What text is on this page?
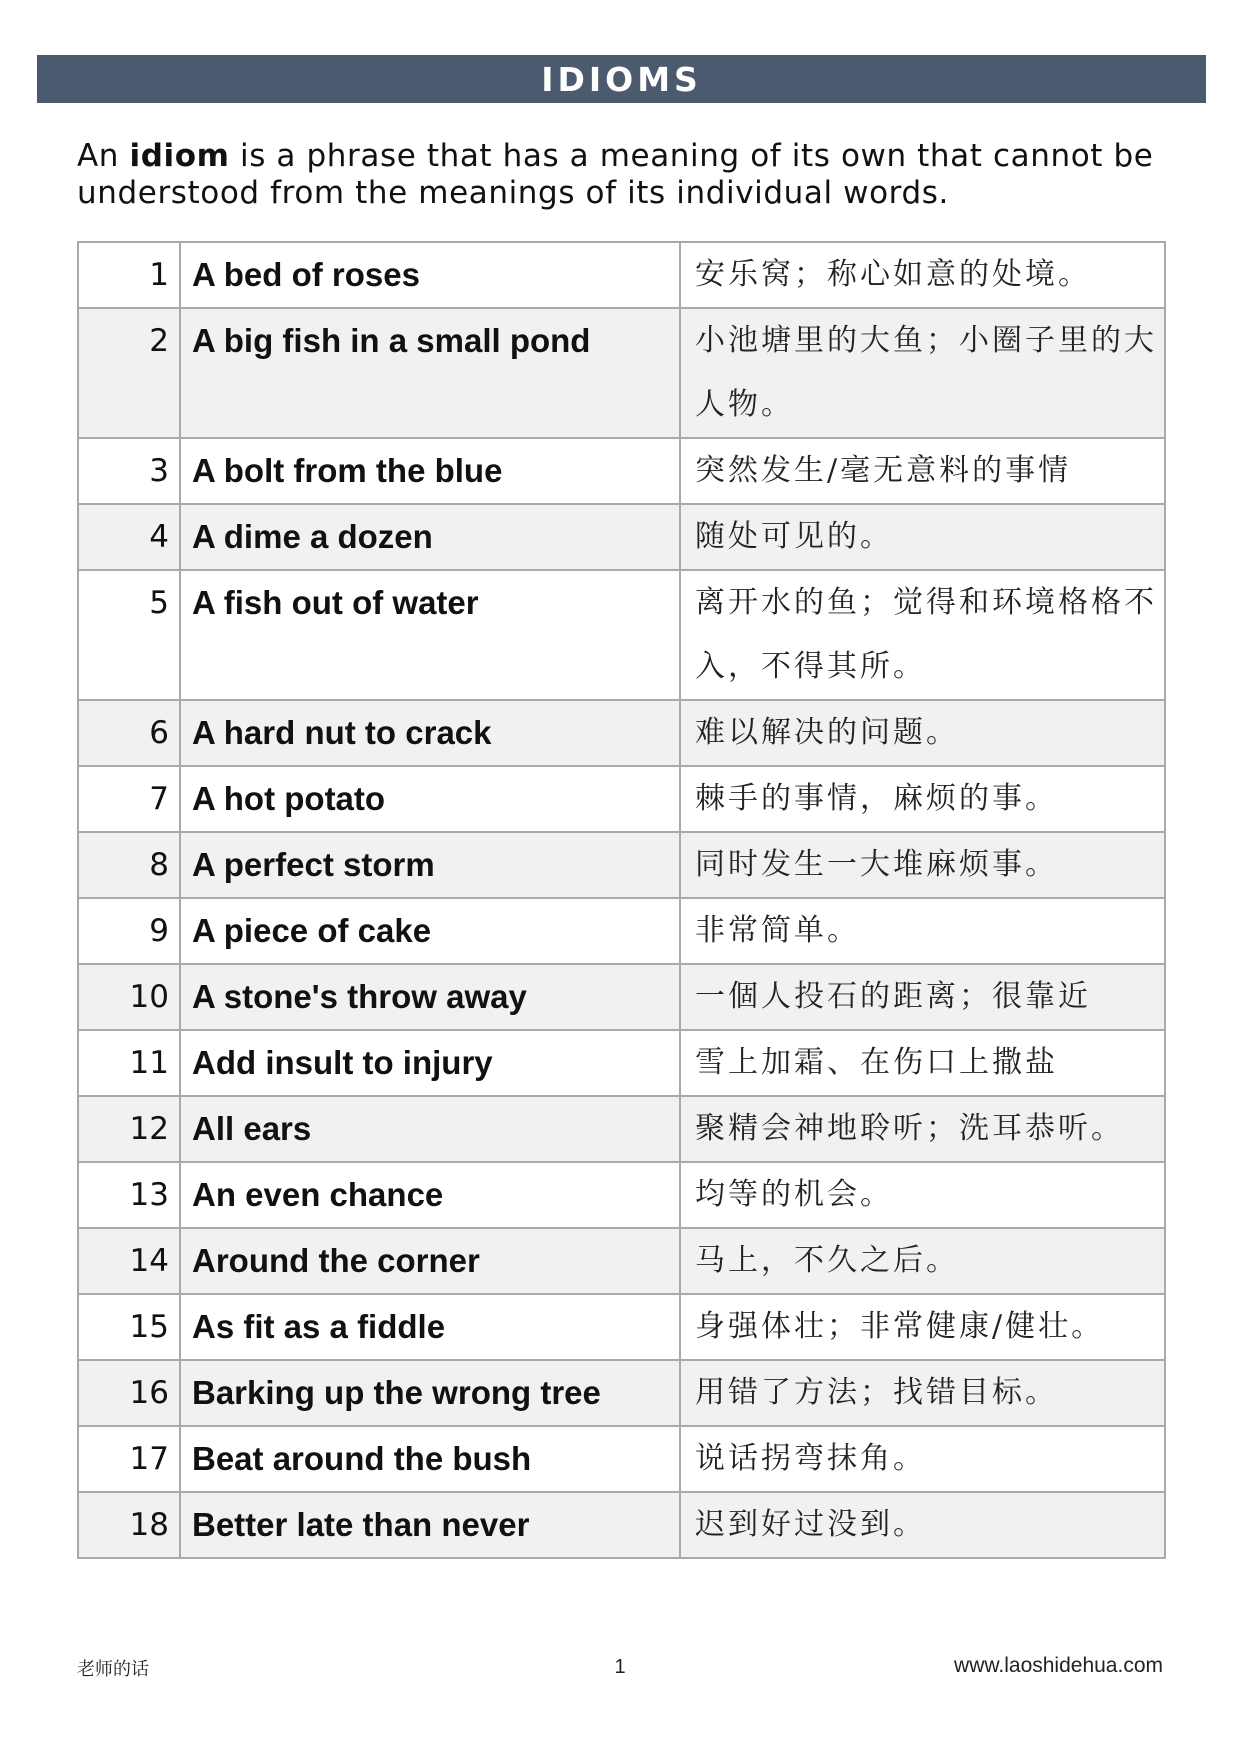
IDIOMS
An idiom is a phrase that has a meaning of its own that cannot be understood from the meanings of its individual words.
1	A bed of roses	安乐窝；称心如意的处境。
2	A big fish in a small pond	小池塘里的大鱼；小圈子里的大人物。
3	A bolt from the blue	突然发生/毫无意料的事情
4	A dime a dozen	随处可见的。
5	A fish out of water	离开水的鱼；觉得和环境格格不入，不得其所。
6	A hard nut to crack	难以解决的问题。
7	A hot potato	棘手的事情，麻烦的事。
8	A perfect storm	同时发生一大堆麻烦事。
9	A piece of cake	非常简单。
10	A stone's throw away	一個人投石的距离；很靠近
11	Add insult to injury	雪上加霜、在伤口上撒盐
12	All ears	聚精会神地聆听；洗耳恭听。
13	An even chance	均等的机会。
14	Around the corner	马上，不久之后。
15	As fit as a fiddle	身强体壮；非常健康/健壮。
16	Barking up the wrong tree	用错了方法；找错目标。
17	Beat around the bush	说话拐弯抹角。
18	Better late than never	迟到好过没到。
老师的话	1	www.laoshidehua.com
